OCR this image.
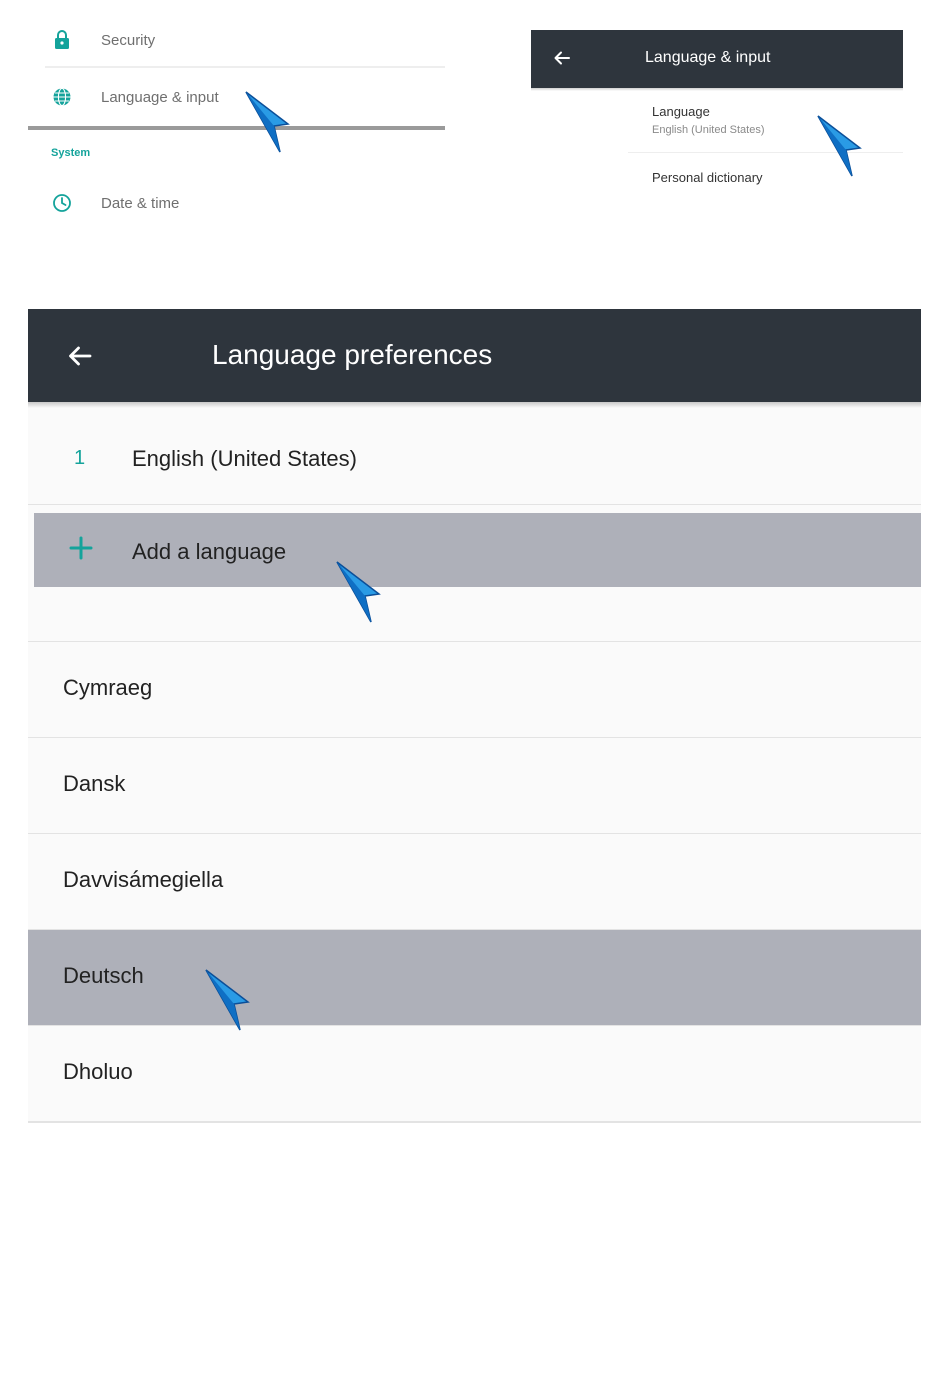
Security
Language & input
System
Date & time
Language & input
Language
English (United States)
Personal dictionary
Language preferences
1 English (United States)
Add a language
Cymraeg
Dansk
Davvisámegiella
Deutsch
Dholuo
